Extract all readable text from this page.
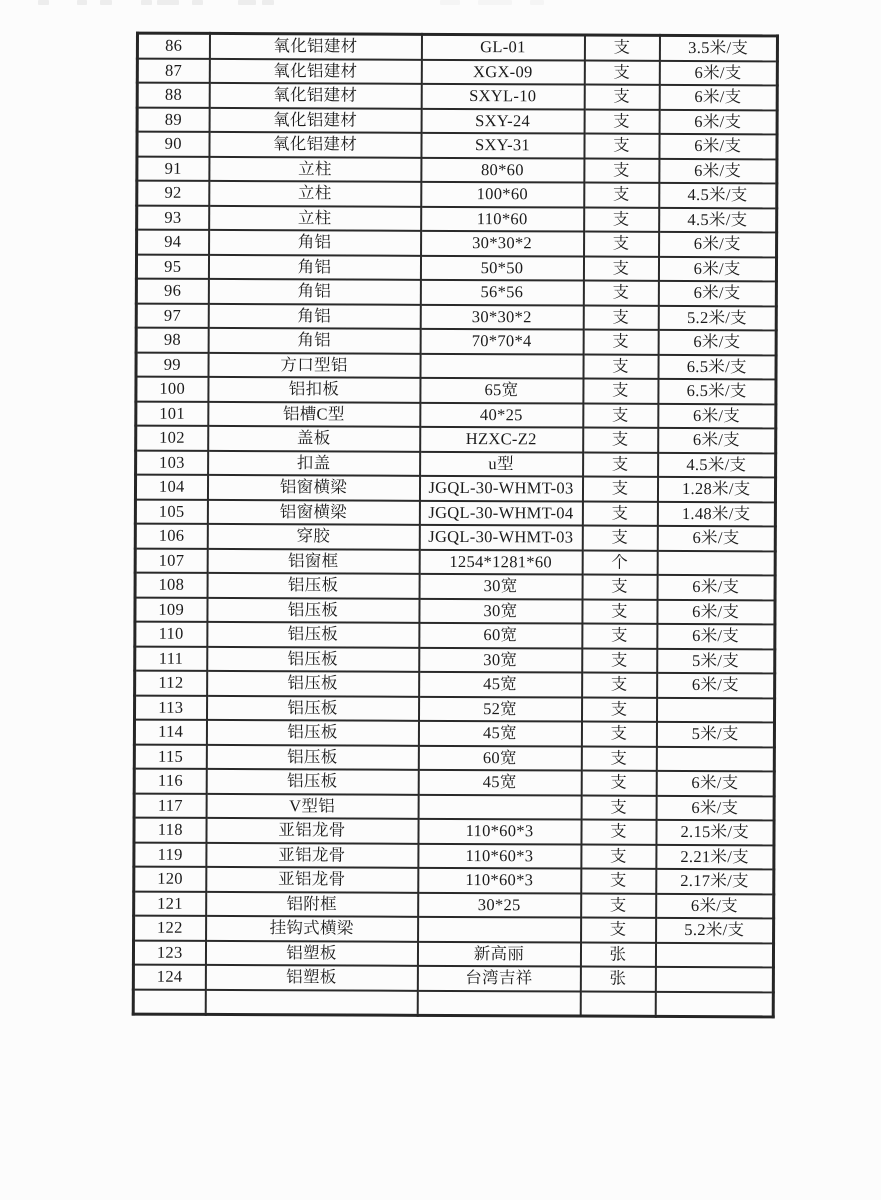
86	氧化铝建材	GL-01	支	3.5米/支
87	氧化铝建材	XGX-09	支	6米/支
88	氧化铝建材	SXYL-10	支	6米/支
89	氧化铝建材	SXY-24	支	6米/支
90	氧化铝建材	SXY-31	支	6米/支
91	立柱	80*60	支	6米/支
92	立柱	100*60	支	4.5米/支
93	立柱	110*60	支	4.5米/支
94	角铝	30*30*2	支	6米/支
95	角铝	50*50	支	6米/支
96	角铝	56*56	支	6米/支
97	角铝	30*30*2	支	5.2米/支
98	角铝	70*70*4	支	6米/支
99	方口型铝		支	6.5米/支
100	铝扣板	65宽	支	6.5米/支
101	铝槽C型	40*25	支	6米/支
102	盖板	HZXC-Z2	支	6米/支
103	扣盖	u型	支	4.5米/支
104	铝窗横梁	JGQL-30-WHMT-03	支	1.28米/支
105	铝窗横梁	JGQL-30-WHMT-04	支	1.48米/支
106	穿胶	JGQL-30-WHMT-03	支	6米/支
107	铝窗框	1254*1281*60	个	
108	铝压板	30宽	支	6米/支
109	铝压板	30宽	支	6米/支
110	铝压板	60宽	支	6米/支
111	铝压板	30宽	支	5米/支
112	铝压板	45宽	支	6米/支
113	铝压板	52宽	支	
114	铝压板	45宽	支	5米/支
115	铝压板	60宽	支	
116	铝压板	45宽	支	6米/支
117	V型铝		支	6米/支
118	亚铝龙骨	110*60*3	支	2.15米/支
119	亚铝龙骨	110*60*3	支	2.21米/支
120	亚铝龙骨	110*60*3	支	2.17米/支
121	铝附框	30*25	支	6米/支
122	挂钩式横梁		支	5.2米/支
123	铝塑板	新高丽	张	
124	铝塑板	台湾吉祥	张	
